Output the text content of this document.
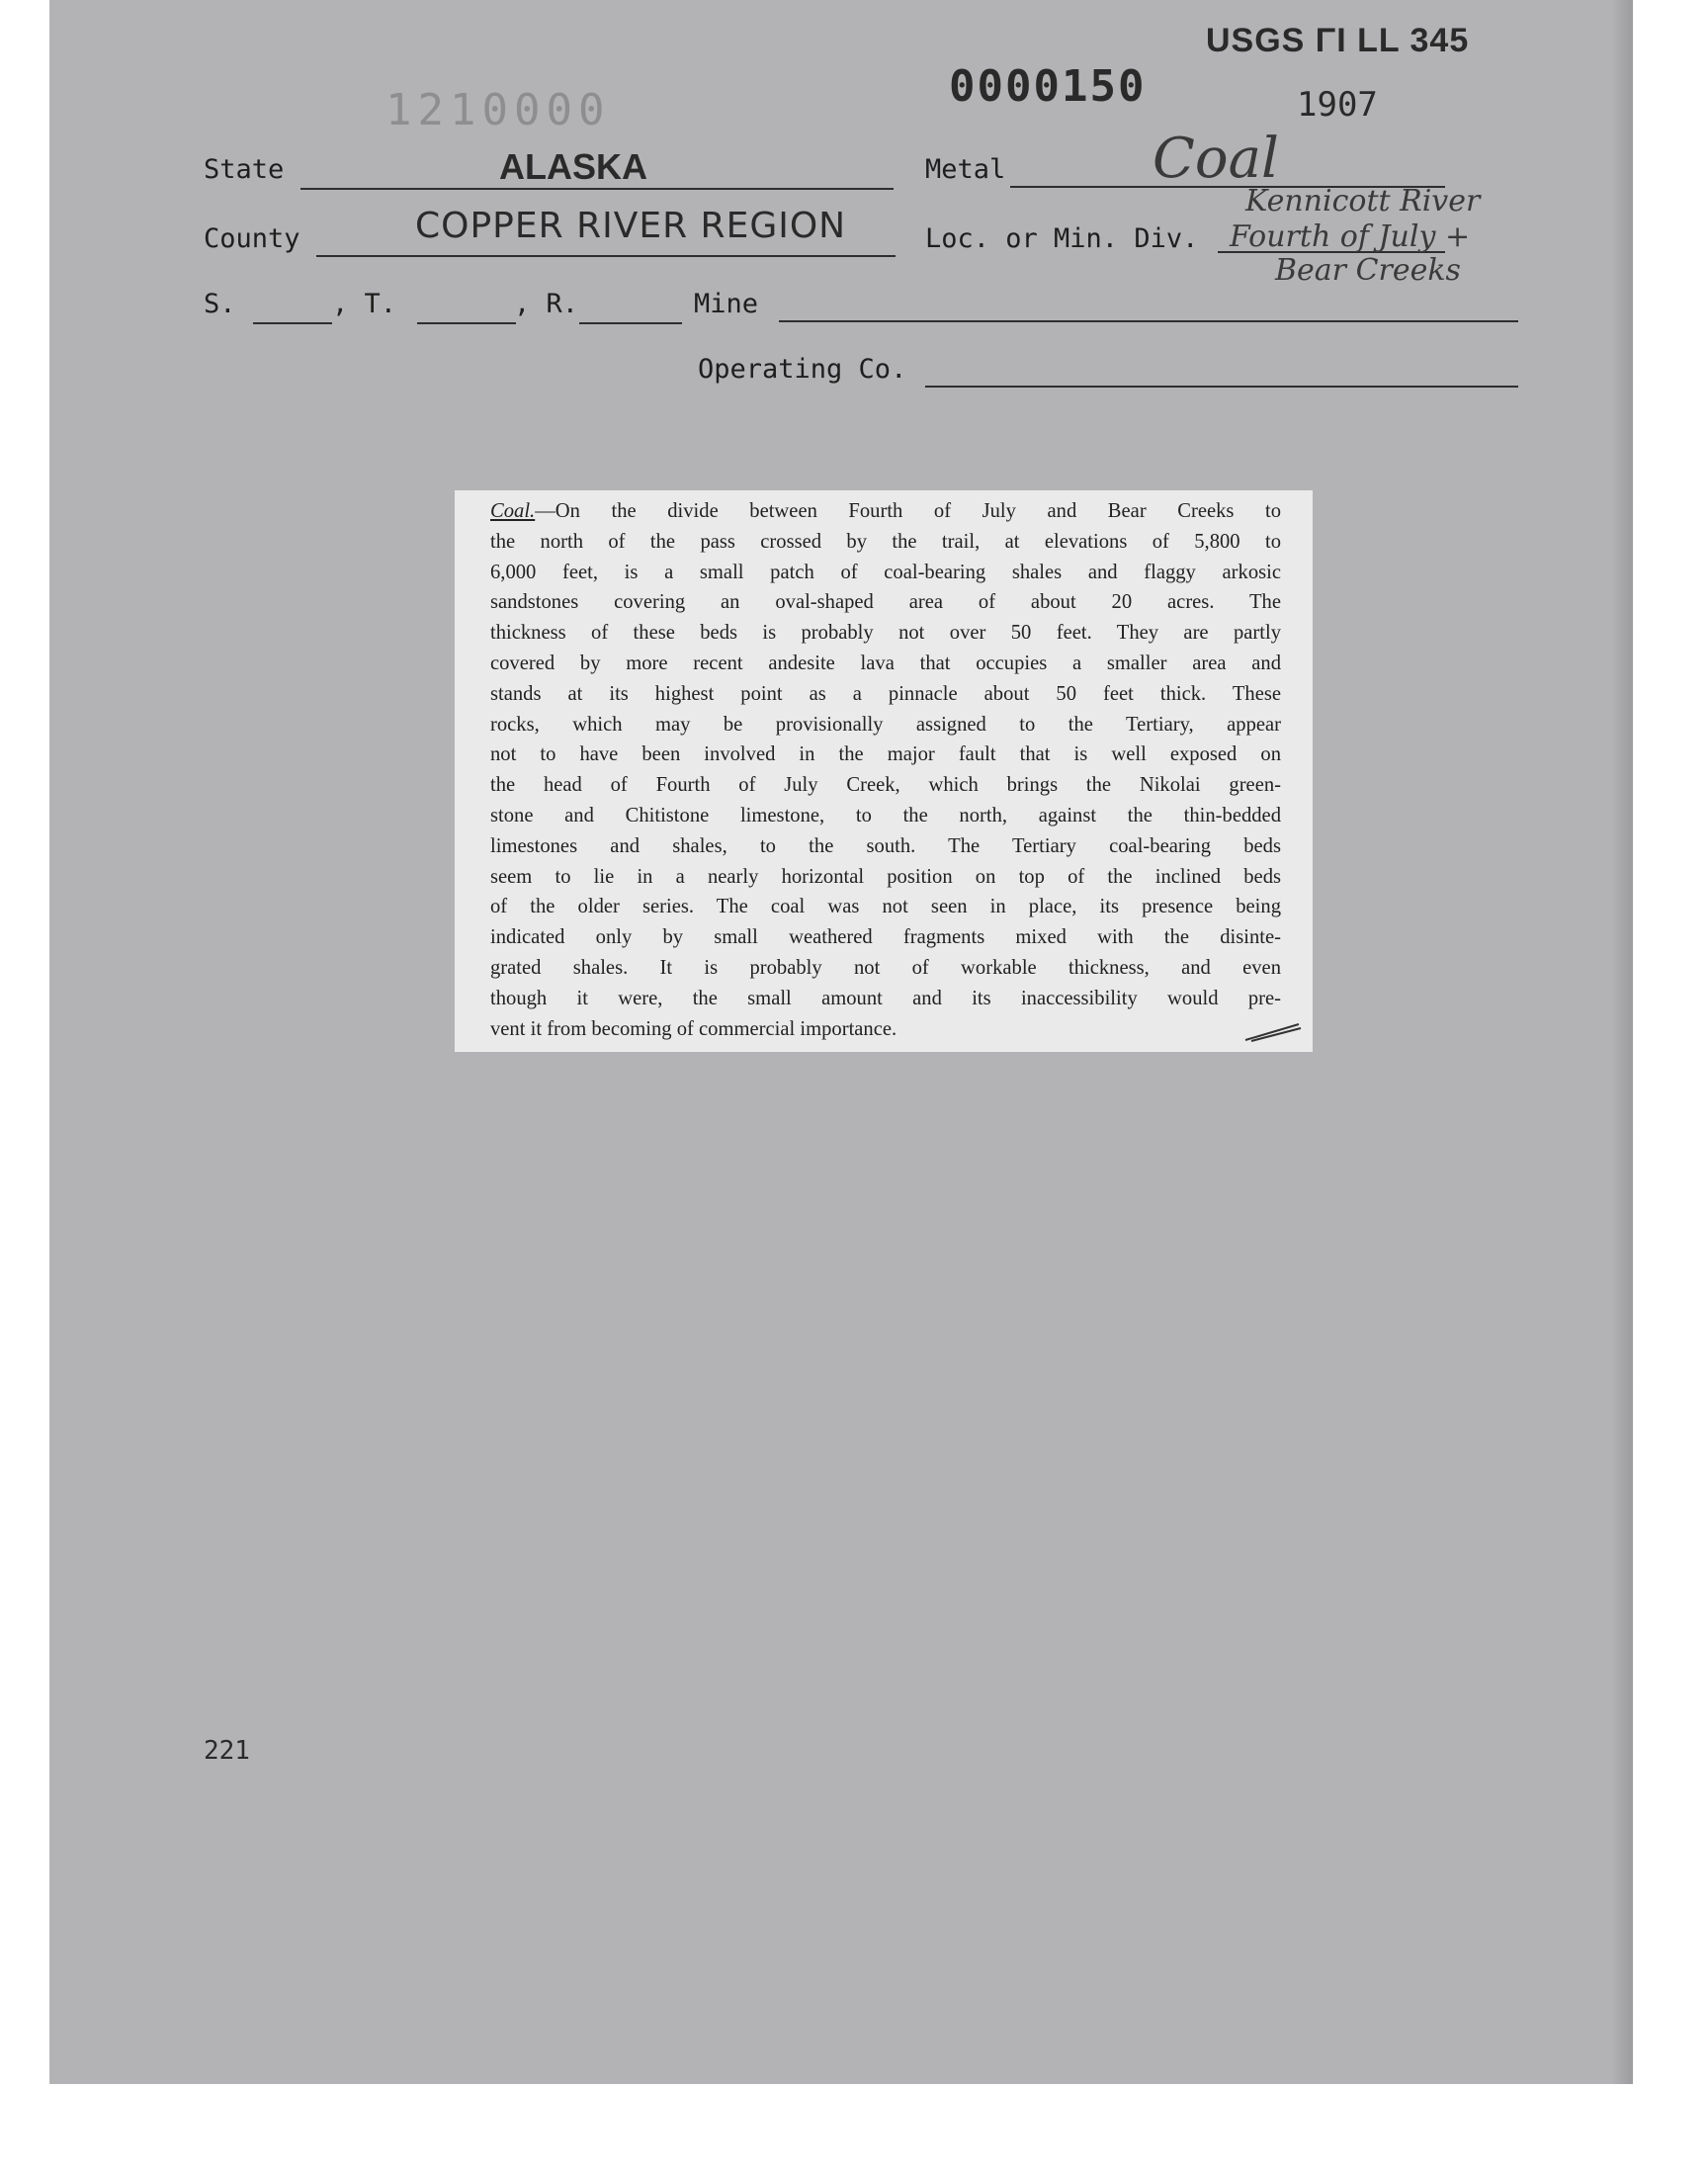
USGS ΓΙ LL 345
1210000	0000150	1907
State	ALASKA	Metal	Coal
County	COPPER RIVER REGION	Loc. or Min. Div.
Kennicott River
Fourth of July +
Bear Creeks
S.	, T.	, R.	Mine
Operating Co.
Coal.—On the divide between Fourth of July and Bear Creeks to
the north of the pass crossed by the trail, at elevations of 5,800 to
6,000 feet, is a small patch of coal-bearing shales and flaggy arkosic
sandstones covering an oval-shaped area of about 20 acres. The
thickness of these beds is probably not over 50 feet. They are partly
covered by more recent andesite lava that occupies a smaller area and
stands at its highest point as a pinnacle about 50 feet thick. These
rocks, which may be provisionally assigned to the Tertiary, appear
not to have been involved in the major fault that is well exposed on
the head of Fourth of July Creek, which brings the Nikolai green-
stone and Chitistone limestone, to the north, against the thin-bedded
limestones and shales, to the south. The Tertiary coal-bearing beds
seem to lie in a nearly horizontal position on top of the inclined beds
of the older series. The coal was not seen in place, its presence being
indicated only by small weathered fragments mixed with the disinte-
grated shales. It is probably not of workable thickness, and even
though it were, the small amount and its inaccessibility would pre-
vent it from becoming of commercial importance.
221
